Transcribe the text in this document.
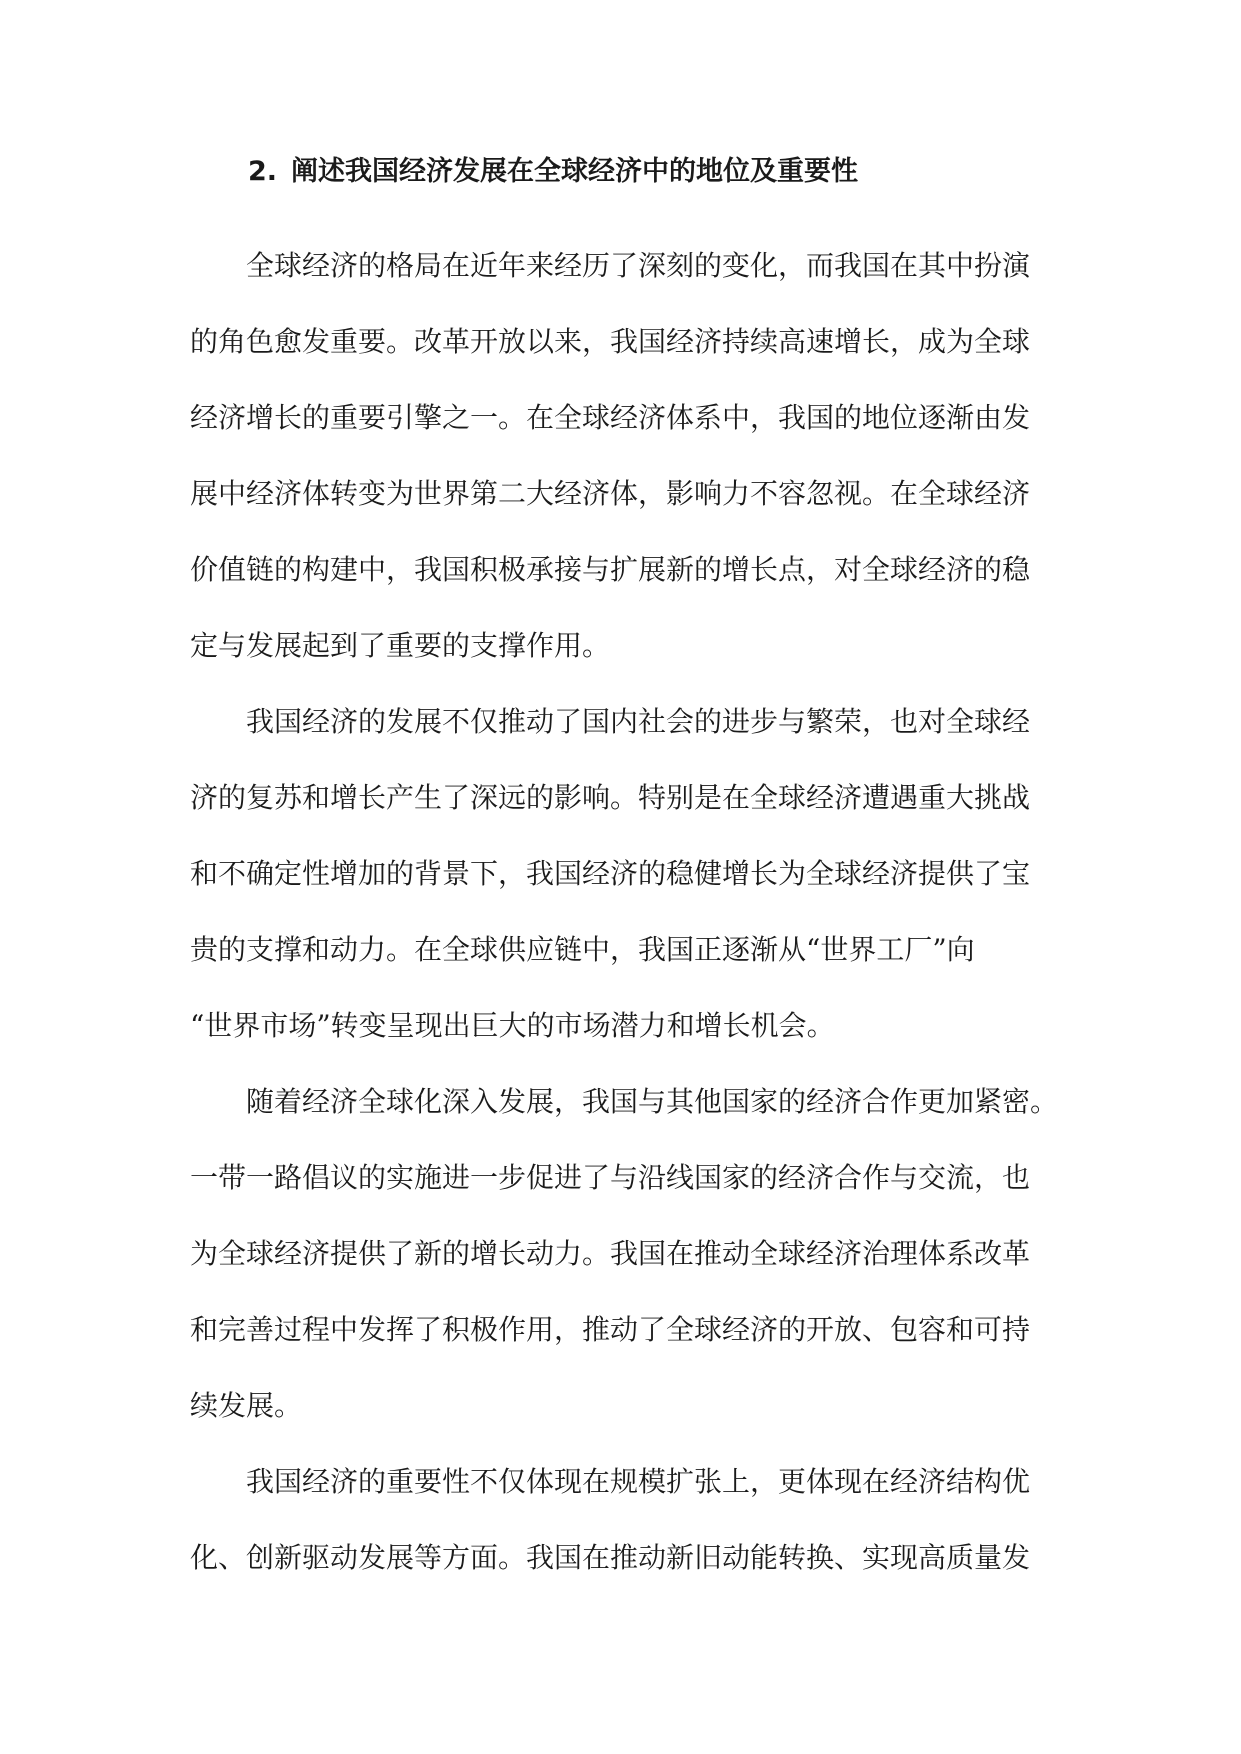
2. 阐述我国经济发展在全球经济中的地位及重要性

　　全球经济的格局在近年来经历了深刻的变化，而我国在其中扮演

的角色愈发重要。改革开放以来，我国经济持续高速增长，成为全球

经济增长的重要引擎之一。在全球经济体系中，我国的地位逐渐由发

展中经济体转变为世界第二大经济体，影响力不容忽视。在全球经济

价值链的构建中，我国积极承接与扩展新的增长点，对全球经济的稳

定与发展起到了重要的支撑作用。

　　我国经济的发展不仅推动了国内社会的进步与繁荣，也对全球经

济的复苏和增长产生了深远的影响。特别是在全球经济遭遇重大挑战

和不确定性增加的背景下，我国经济的稳健增长为全球经济提供了宝

贵的支撑和动力。在全球供应链中，我国正逐渐从“世界工厂”向

“世界市场”转变呈现出巨大的市场潜力和增长机会。

　　随着经济全球化深入发展，我国与其他国家的经济合作更加紧密。

一带一路倡议的实施进一步促进了与沿线国家的经济合作与交流，也

为全球经济提供了新的增长动力。我国在推动全球经济治理体系改革

和完善过程中发挥了积极作用，推动了全球经济的开放、包容和可持

续发展。

　　我国经济的重要性不仅体现在规模扩张上，更体现在经济结构优

化、创新驱动发展等方面。我国在推动新旧动能转换、实现高质量发
